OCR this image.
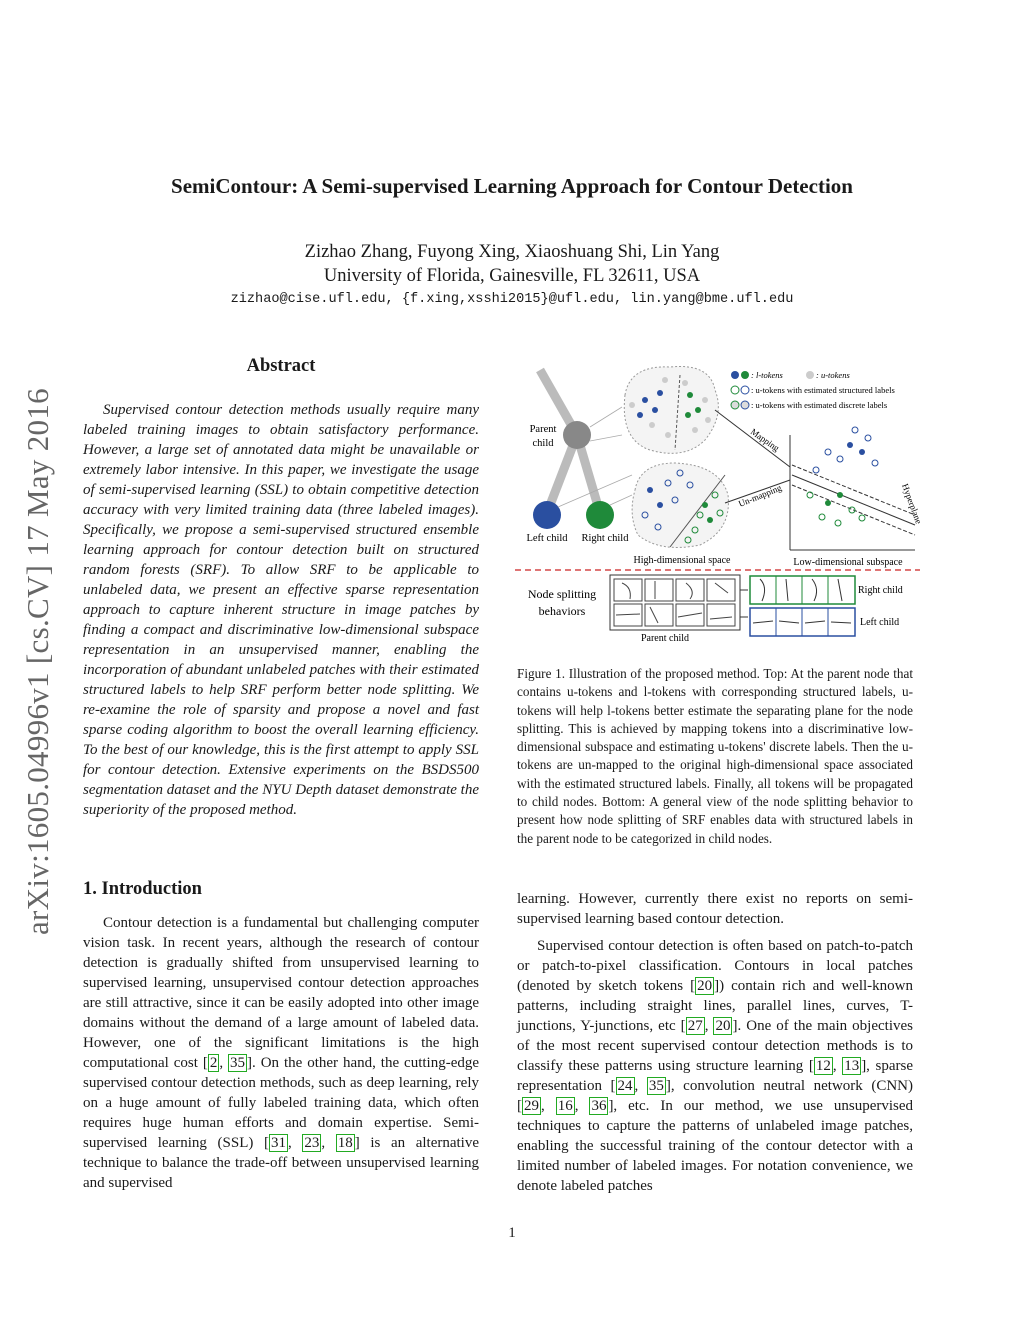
arXiv:1605.04996v1 [cs.CV] 17 May 2016
SemiContour: A Semi-supervised Learning Approach for Contour Detection
Zizhao Zhang, Fuyong Xing, Xiaoshuang Shi, Lin Yang
University of Florida, Gainesville, FL 32611, USA
zizhao@cise.ufl.edu, {f.xing,xsshi2015}@ufl.edu, lin.yang@bme.ufl.edu
Abstract

Supervised contour detection methods usually require many labeled training images to obtain satisfactory performance. However, a large set of annotated data might be unavailable or extremely labor intensive. In this paper, we investigate the usage of semi-supervised learning (SSL) to obtain competitive detection accuracy with very limited training data (three labeled images). Specifically, we propose a semi-supervised structured ensemble learning approach for contour detection built on structured random forests (SRF). To allow SRF to be applicable to unlabeled data, we present an effective sparse representation approach to capture inherent structure in image patches by finding a compact and discriminative low-dimensional subspace representation in an unsupervised manner, enabling the incorporation of abundant unlabeled patches with their estimated structured labels to help SRF perform better node splitting. We re-examine the role of sparsity and propose a novel and fast sparse coding algorithm to boost the overall learning efficiency. To the best of our knowledge, this is the first attempt to apply SSL for contour detection. Extensive experiments on the BSDS500 segmentation dataset and the NYU Depth dataset demonstrate the superiority of the proposed method.

1. Introduction

Contour detection is a fundamental but challenging computer vision task. In recent years, although the research of contour detection is gradually shifted from unsupervised learning to supervised learning, unsupervised contour detection approaches are still attractive, since it can be easily adopted into other image domains without the demand of a large amount of labeled data. However, one of the significant limitations is the high computational cost [ 2 , 35 ]. On the other hand, the cutting-edge supervised contour detection methods, such as deep learning, rely on a huge amount of fully labeled training data, which often requires huge human efforts and domain expertise. Semi-supervised learning (SSL) [ 31 , 23 , 18 ] is an alternative technique to balance the trade-off between unsupervised learning and supervised

Parent
child
Left child Right child
Mapping
Un-mapping	Hyperplane
: l-tokens	: u-tokens
: u-tokens with estimated structured labels
: u-tokens with estimated discrete labels
High-dimensional space	Low-dimensional subspace
Node splitting
behaviors
Parent child
Right child
Left child
Figure 1. Illustration of the proposed method. Top: At the parent node that contains u-tokens and l-tokens with corresponding structured labels, u-tokens will help l-tokens better estimate the separating plane for the node splitting. This is achieved by mapping tokens into a discriminative low-dimensional subspace and estimating u-tokens' discrete labels. Then the u-tokens are un-mapped to the original high-dimensional space associated with the estimated structured labels. Finally, all tokens will be propagated to child nodes. Bottom: A general view of the node splitting behavior to present how node splitting of SRF enables data with structured labels in the parent node to be categorized in child nodes.

learning. However, currently there exist no reports on semi-supervised learning based contour detection.

Supervised contour detection is often based on patch-to-patch or patch-to-pixel classification. Contours in local patches (denoted by sketch tokens [ 20 ]) contain rich and well-known patterns, including straight lines, parallel lines, curves, T-junctions, Y-junctions, etc [ 27 , 20 ]. One of the main objectives of the most recent supervised contour detection methods is to classify these patterns using structure learning [ 12 , 13 ], sparse representation [ 24 , 35 ], convolution neutral network (CNN) [ 29 , 16 , 36 ], etc. In our method, we use unsupervised techniques to capture the patterns of unlabeled image patches, enabling the successful training of the contour detector with a limited number of labeled images. For notation convenience, we denote labeled patches

1
